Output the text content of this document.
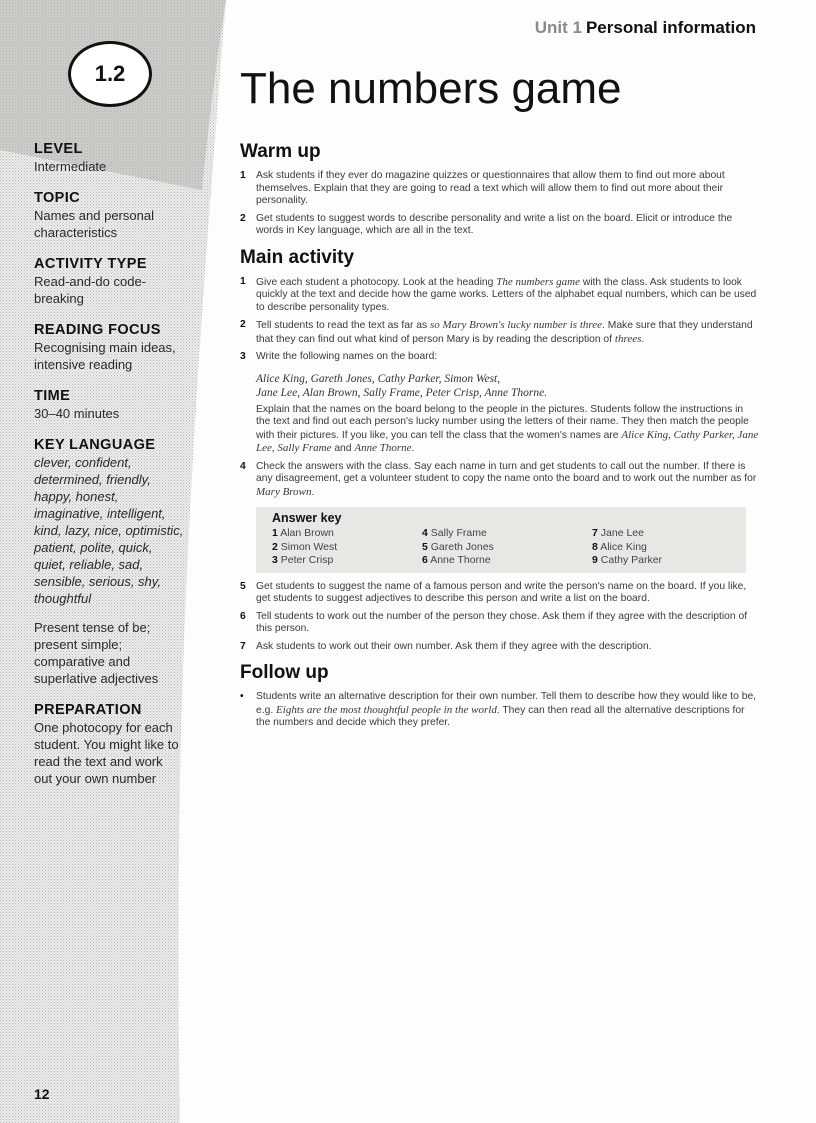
1.2
LEVEL
Intermediate
TOPIC
Names and personal characteristics
ACTIVITY TYPE
Read-and-do code-breaking
READING FOCUS
Recognising main ideas, intensive reading
TIME
30–40 minutes
KEY LANGUAGE
clever, confident, determined, friendly, happy, honest, imaginative, intelligent, kind, lazy, nice, optimistic, patient, polite, quick, quiet, reliable, sad, sensible, serious, shy, thoughtful
Present tense of be; present simple; comparative and superlative adjectives
PREPARATION
One photocopy for each student. You might like to read the text and work out your own number
12
Unit 1 Personal information
The numbers game
Warm up
1 Ask students if they ever do magazine quizzes or questionnaires that allow them to find out more about themselves. Explain that they are going to read a text which will allow them to find out more about their personality.
2 Get students to suggest words to describe personality and write a list on the board. Elicit or introduce the words in Key language, which are all in the text.
Main activity
1 Give each student a photocopy. Look at the heading The numbers game with the class. Ask students to look quickly at the text and decide how the game works. Letters of the alphabet equal numbers, which can be used to describe personality types.
2 Tell students to read the text as far as so Mary Brown's lucky number is three. Make sure that they understand that they can find out what kind of person Mary is by reading the description of threes.
3 Write the following names on the board:
Alice King, Gareth Jones, Cathy Parker, Simon West,
Jane Lee, Alan Brown, Sally Frame, Peter Crisp, Anne Thorne.
Explain that the names on the board belong to the people in the pictures. Students follow the instructions in the text and find out each person's lucky number using the letters of their name. They then match the people with their pictures. If you like, you can tell the class that the women's names are Alice King, Cathy Parker, Jane Lee, Sally Frame and Anne Thorne.
4 Check the answers with the class. Say each name in turn and get students to call out the number. If there is any disagreement, get a volunteer student to copy the name onto the board and to work out the number as for Mary Brown.
Answer key
1 Alan Brown	4 Sally Frame	7 Jane Lee
2 Simon West	5 Gareth Jones	8 Alice King
3 Peter Crisp	6 Anne Thorne	9 Cathy Parker
5 Get students to suggest the name of a famous person and write the person's name on the board. If you like, get students to suggest adjectives to describe this person and write a list on the board.
6 Tell students to work out the number of the person they chose. Ask them if they agree with the description of this person.
7 Ask students to work out their own number. Ask them if they agree with the description.
Follow up
• Students write an alternative description for their own number. Tell them to describe how they would like to be, e.g. Eights are the most thoughtful people in the world. They can then read all the alternative descriptions for the numbers and decide which they prefer.
